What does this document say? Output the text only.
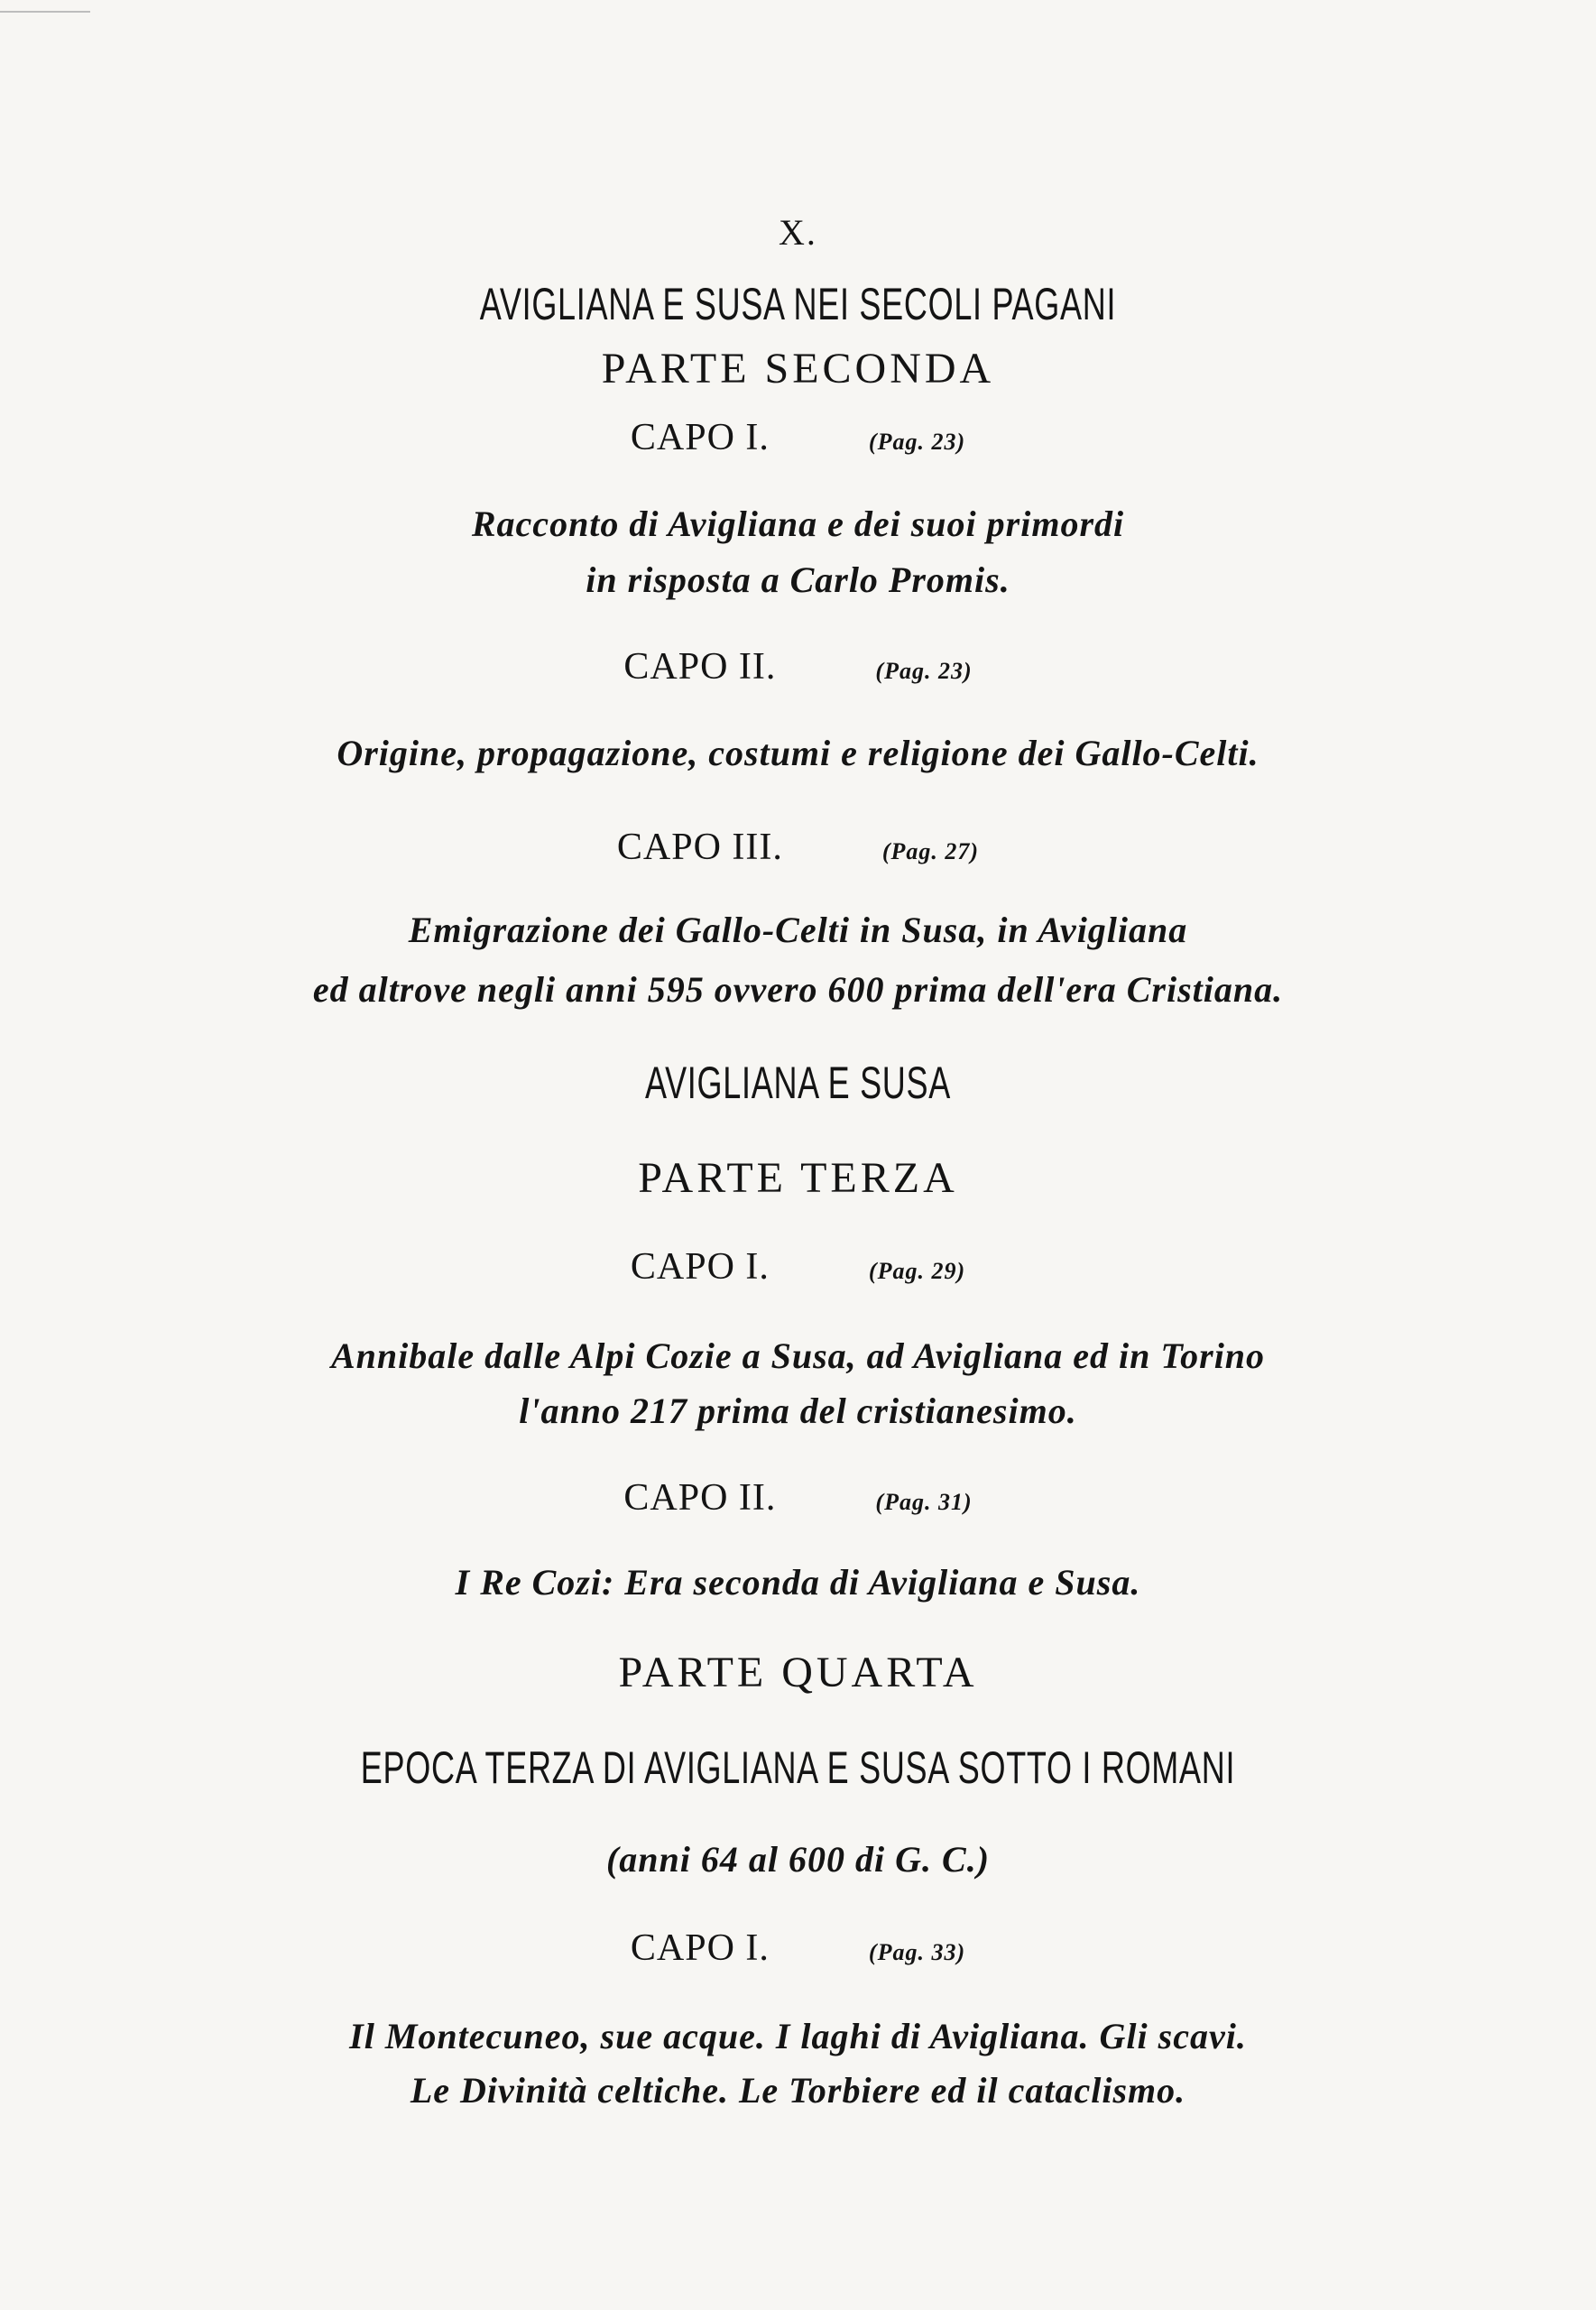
X.
AVIGLIANA E SUSA NEI SECOLI PAGANI
PARTE SECONDA
CAPO I.	(Pag. 23)
Racconto di Avigliana e dei suoi primordi
in risposta a Carlo Promis.
CAPO II.	(Pag. 23)
Origine, propagazione, costumi e religione dei Gallo-Celti.
CAPO III.	(Pag. 27)
Emigrazione dei Gallo-Celti in Susa, in Avigliana
ed altrove negli anni 595 ovvero 600 prima dell'era Cristiana.
AVIGLIANA E SUSA
PARTE TERZA
CAPO I.	(Pag. 29)
Annibale dalle Alpi Cozie a Susa, ad Avigliana ed in Torino
l'anno 217 prima del cristianesimo.
CAPO II.	(Pag. 31)
I Re Cozi: Era seconda di Avigliana e Susa.
PARTE QUARTA
EPOCA TERZA DI AVIGLIANA E SUSA SOTTO I ROMANI
(anni 64 al 600 di G. C.)
CAPO I.	(Pag. 33)
Il Montecuneo, sue acque. I laghi di Avigliana. Gli scavi.
Le Divinità celtiche. Le Torbiere ed il cataclismo.
